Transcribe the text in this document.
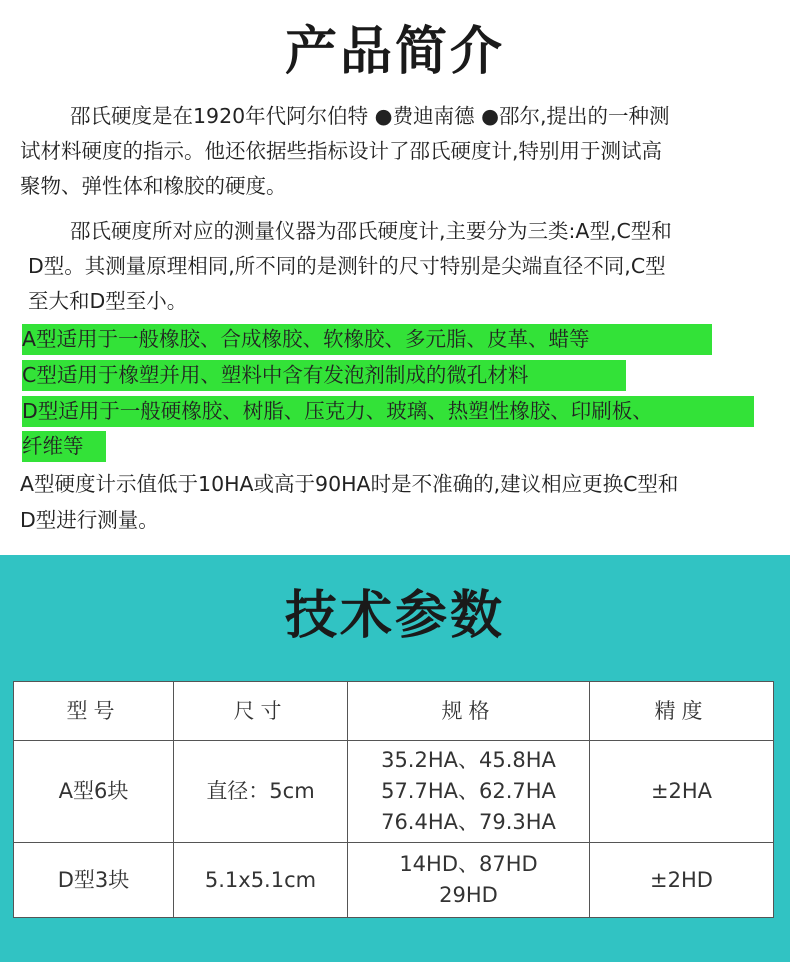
产品简介
邵氏硬度是在1920年代阿尔伯特 ●费迪南德 ●邵尔,提出的一种测
试材料硬度的指示。他还依据些指标设计了邵氏硬度计,特别用于测试高
聚物、弹性体和橡胶的硬度。
邵氏硬度所对应的测量仪器为邵氏硬度计,主要分为三类:A型,C型和
D型。其测量原理相同,所不同的是测针的尺寸特别是尖端直径不同,C型
至大和D型至小。
A型适用于一般橡胶、合成橡胶、软橡胶、多元脂、皮革、蜡等
C型适用于橡塑并用、塑料中含有发泡剂制成的微孔材料
D型适用于一般硬橡胶、树脂、压克力、玻璃、热塑性橡胶、印刷板、
纤维等
A型硬度计示值低于10HA或高于90HA时是不准确的,建议相应更换C型和
D型进行测量。
技术参数
型号	尺寸	规格	精度
A型6块	直径：5cm	35.2HA、45.8HA
57.7HA、62.7HA
76.4HA、79.3HA	±2HA
D型3块	5.1x5.1cm	14HD、87HD
29HD	±2HD
